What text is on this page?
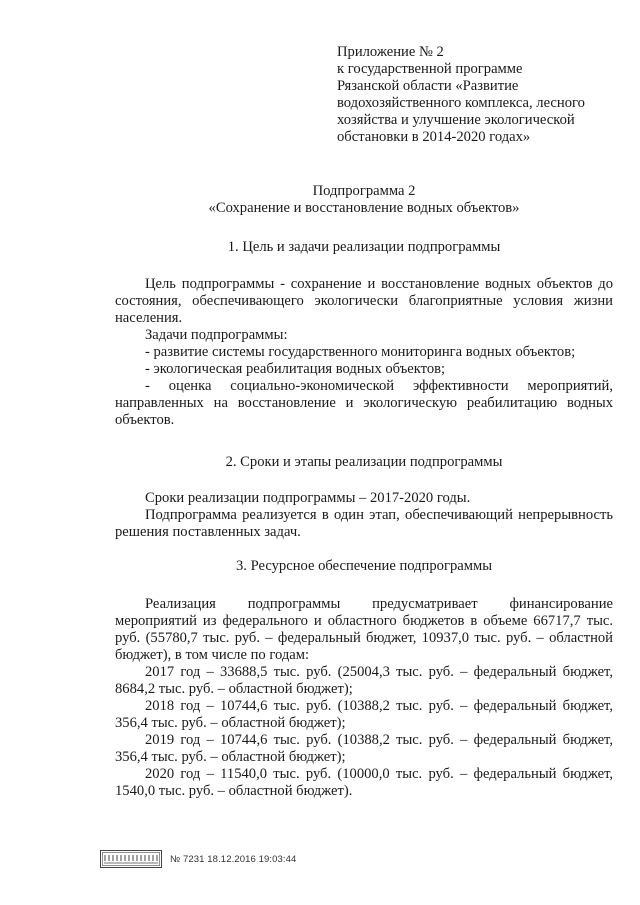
Приложение № 2
к государственной программе
Рязанской области «Развитие
водохозяйственного комплекса, лесного
хозяйства и улучшение экологической
обстановки в 2014-2020 годах»
Подпрограмма 2
«Сохранение и восстановление водных объектов»
1. Цель и задачи реализации подпрограммы
Цель подпрограммы - сохранение и восстановление водных объектов до состояния, обеспечивающего экологически благоприятные условия жизни населения.
Задачи подпрограммы:
- развитие системы государственного мониторинга водных объектов;
- экологическая реабилитация водных объектов;
- оценка социально-экономической эффективности мероприятий, направленных на восстановление и экологическую реабилитацию водных объектов.
2. Сроки и этапы реализации подпрограммы
Сроки реализации подпрограммы – 2017-2020 годы.
Подпрограмма реализуется в один этап, обеспечивающий непрерывность решения поставленных задач.
3. Ресурсное обеспечение подпрограммы
Реализация подпрограммы предусматривает финансирование мероприятий из федерального и областного бюджетов в объеме 66717,7 тыс. руб. (55780,7 тыс. руб. – федеральный бюджет, 10937,0 тыс. руб. – областной бюджет), в том числе по годам:
2017 год – 33688,5 тыс. руб. (25004,3 тыс. руб. – федеральный бюджет, 8684,2 тыс. руб. – областной бюджет);
2018 год – 10744,6 тыс. руб. (10388,2 тыс. руб. – федеральный бюджет, 356,4 тыс. руб. – областной бюджет);
2019 год – 10744,6 тыс. руб. (10388,2 тыс. руб. – федеральный бюджет, 356,4 тыс. руб. – областной бюджет);
2020 год – 11540,0 тыс. руб. (10000,0 тыс. руб. – федеральный бюджет, 1540,0 тыс. руб. – областной бюджет).
№ 7231 18.12.2016 19:03:44
